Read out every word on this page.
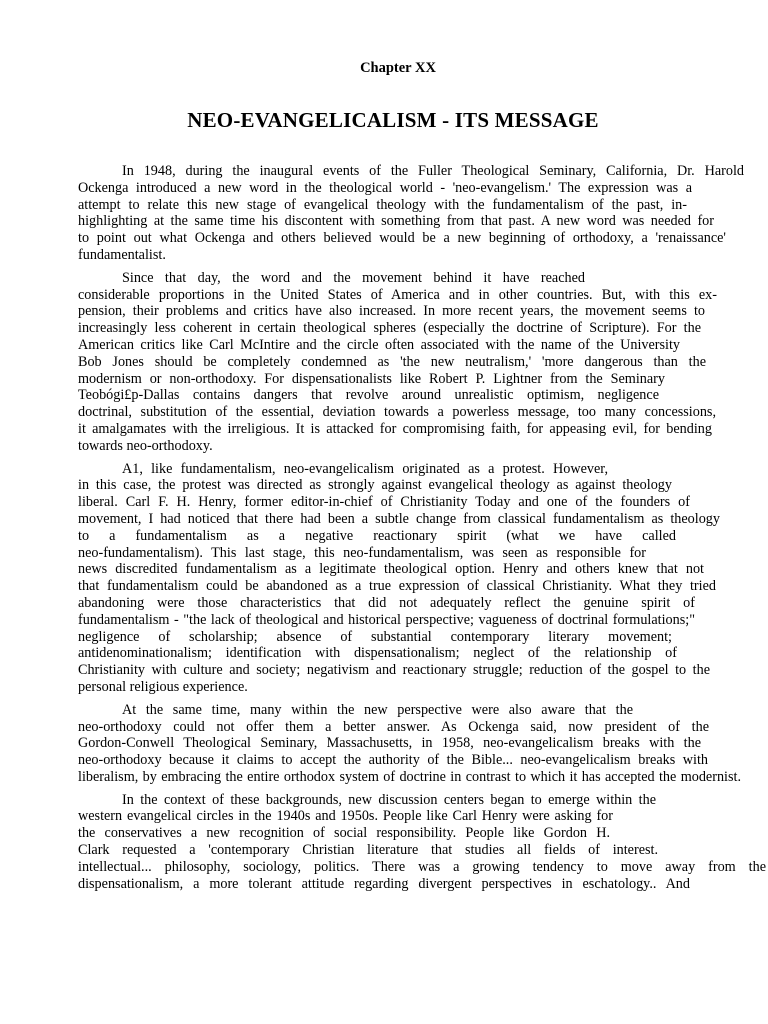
Chapter XX
NEO-EVANGELICALISM - ITS MESSAGE
In 1948, during the inaugural events of the Fuller Theological Seminary, California, Dr. Harold
Ockenga introduced a new word in the theological world - 'neo-evangelism.' The expression was a
attempt to relate this new stage of evangelical theology with the fundamentalism of the past, in-
highlighting at the same time his discontent with something from that past. A new word was needed for
to point out what Ockenga and others believed would be a new beginning of orthodoxy, a 'renaissance'
fundamentalist.
Since that day, the word and the movement behind it have reached
considerable proportions in the United States of America and in other countries. But, with this ex-
pension, their problems and critics have also increased. In more recent years, the movement seems to
increasingly less coherent in certain theological spheres (especially the doctrine of Scripture). For the
American critics like Carl McIntire and the circle often associated with the name of the University
Bob Jones should be completely condemned as 'the new neutralism,' 'more dangerous than the
modernism or non-orthodoxy. For dispensationalists like Robert P. Lightner from the Seminary
Teobógi£p-Dallas contains dangers that revolve around unrealistic optimism, negligence
doctrinal, substitution of the essential, deviation towards a powerless message, too many concessions,
it amalgamates with the irreligious. It is attacked for compromising faith, for appeasing evil, for bending
towards neo-orthodoxy.
A1, like fundamentalism, neo-evangelicalism originated as a protest. However,
in this case, the protest was directed as strongly against evangelical theology as against theology
liberal. Carl F. H. Henry, former editor-in-chief of Christianity Today and one of the founders of
movement, I had noticed that there had been a subtle change from classical fundamentalism as theology
to a fundamentalism as a negative reactionary spirit (what we have called
neo-fundamentalism). This last stage, this neo-fundamentalism, was seen as responsible for
news discredited fundamentalism as a legitimate theological option. Henry and others knew that not
that fundamentalism could be abandoned as a true expression of classical Christianity. What they tried
abandoning were those characteristics that did not adequately reflect the genuine spirit of
fundamentalism - "the lack of theological and historical perspective; vagueness of doctrinal formulations;"
negligence of scholarship; absence of substantial contemporary literary movement;
antidenominationalism; identification with dispensationalism; neglect of the relationship of
Christianity with culture and society; negativism and reactionary struggle; reduction of the gospel to the
personal religious experience.
At the same time, many within the new perspective were also aware that the
neo-orthodoxy could not offer them a better answer. As Ockenga said, now president of the
Gordon-Conwell Theological Seminary, Massachusetts, in 1958, neo-evangelicalism breaks with the
neo-orthodoxy because it claims to accept the authority of the Bible... neo-evangelicalism breaks with
liberalism, by embracing the entire orthodox system of doctrine in contrast to which it has accepted the modernist.
In the context of these backgrounds, new discussion centers began to emerge within the
western evangelical circles in the 1940s and 1950s. People like Carl Henry were asking for
the conservatives a new recognition of social responsibility. People like Gordon H.
Clark requested a 'contemporary Christian literature that studies all fields of interest.
intellectual... philosophy, sociology, politics. There was a growing tendency to move away from the
dispensationalism, a more tolerant attitude regarding divergent perspectives in eschatology.. And
